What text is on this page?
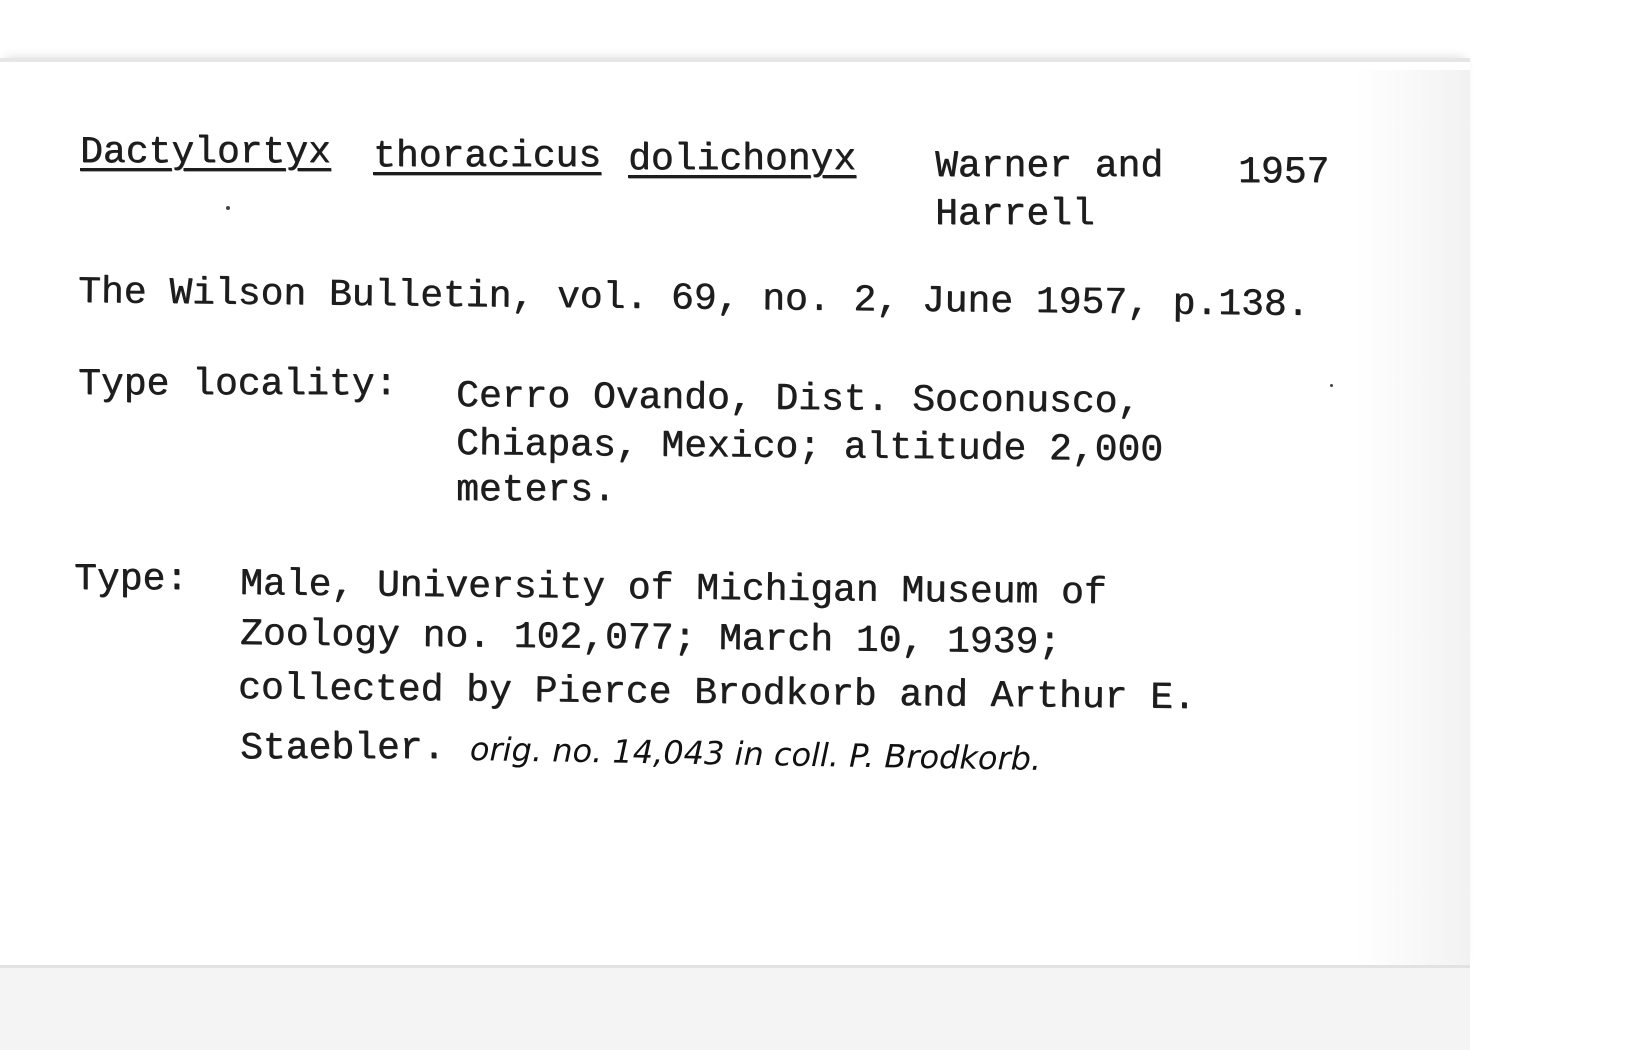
Dactylortyx thoracicus dolichonyx Warner and
Harrell
1957
The Wilson Bulletin, vol. 69, no. 2, June 1957, p.138.
Type locality: Cerro Ovando, Dist. Soconusco,
Chiapas, Mexico; altitude 2,000
meters.
Type: Male, University of Michigan Museum of
Zoology no. 102,077; March 10, 1939;
collected by Pierce Brodkorb and Arthur E.
Staebler. orig. no. 14,043 in coll. P. Brodkorb.
